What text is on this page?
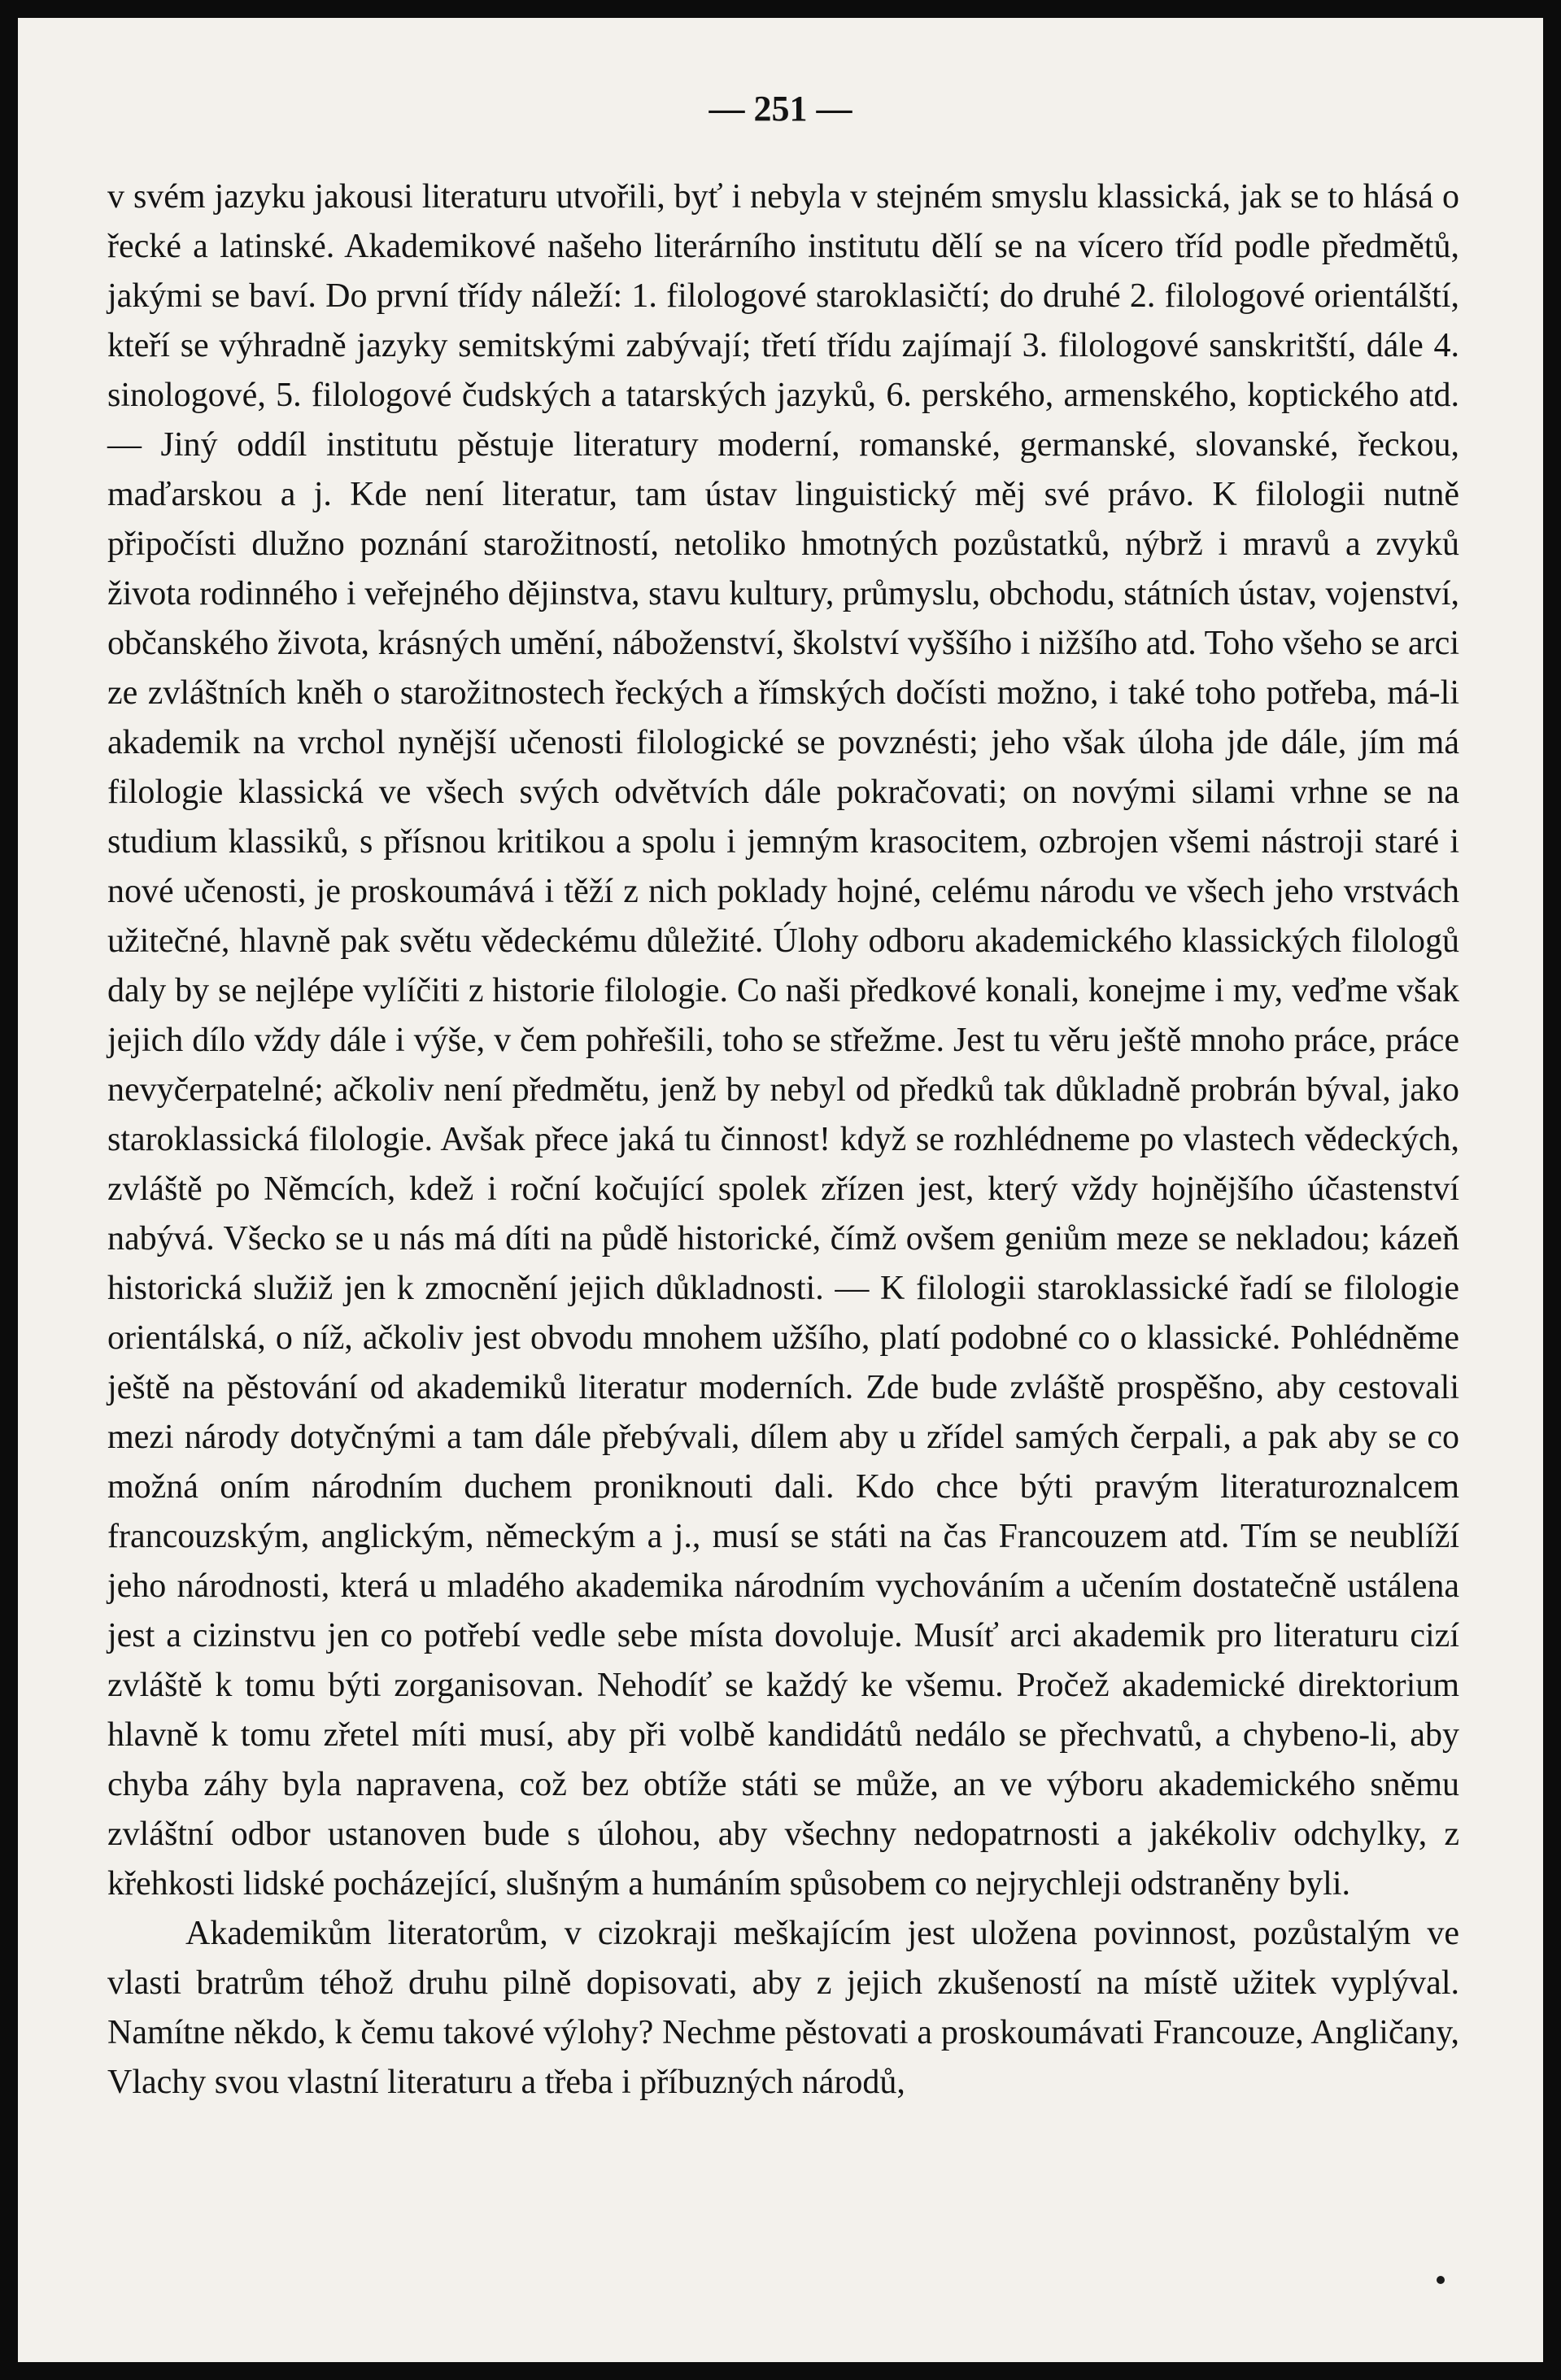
— 251 —

v svém jazyku jakousi literaturu utvořili, byť i nebyla v stejném smyslu klassická, jak se to hlásá o řecké a latinské. Akademikové našeho literárního institutu dělí se na vícero tříd podle předmětů, jakými se baví. Do první třídy náleží: 1. filologové staroklasičtí; do druhé 2. filologové orientálští, kteří se výhradně jazyky semitskými zabývají; třetí třídu zajímají 3. filologové sanskritští, dále 4. sinologové, 5. filologové čudských a tatarských jazyků, 6. perského, armenského, koptického atd. — Jiný oddíl institutu pěstuje literatury moderní, romanské, germanské, slovanské, řeckou, maďarskou a j. Kde není literatur, tam ústav linguistický měj své právo. K filologii nutně připočísti dlužno poznání starožitností, netoliko hmotných pozůstatků, nýbrž i mravů a zvyků života rodinného i veřejného dějinstva, stavu kultury, průmyslu, obchodu, státních ústav, vojenství, občanského života, krásných umění, náboženství, školství vyššího i nižšího atd. Toho všeho se arci ze zvláštních kněh o starožitnostech řeckých a římských dočísti možno, i také toho potřeba, má-li akademik na vrchol nynější učenosti filologické se povznésti; jeho však úloha jde dále, jím má filologie klassická ve všech svých odvětvích dále pokračovati; on novými silami vrhne se na studium klassiků, s přísnou kritikou a spolu i jemným krasocitem, ozbrojen všemi nástroji staré i nové učenosti, je proskoumává i těží z nich poklady hojné, celému národu ve všech jeho vrstvách užitečné, hlavně pak světu vědeckému důležité. Úlohy odboru akademického klassických filologů daly by se nejlépe vylíčiti z historie filologie. Co naši předkové konali, konejme i my, veďme však jejich dílo vždy dále i výše, v čem pohřešili, toho se střežme. Jest tu věru ještě mnoho práce, práce nevyčerpatelné; ačkoliv není předmětu, jenž by nebyl od předků tak důkladně probrán býval, jako staroklassická filologie. Avšak přece jaká tu činnost! když se rozhlédneme po vlastech vědeckých, zvláště po Němcích, kdež i roční kočující spolek zřízen jest, který vždy hojnějšího účastenství nabývá. Všecko se u nás má díti na půdě historické, čímž ovšem geniům meze se nekladou; kázeň historická služiž jen k zmocnění jejich důkladnosti. — K filologii staroklassické řadí se filologie orientálská, o níž, ačkoliv jest obvodu mnohem užšího, platí podobné co o klassické. Pohlédněme ještě na pěstování od akademiků literatur moderních. Zde bude zvláště prospěšno, aby cestovali mezi národy dotyčnými a tam dále přebývali, dílem aby u zřídel samých čerpali, a pak aby se co možná oním národním duchem proniknouti dali. Kdo chce býti pravým literaturoznalcem francouzským, anglickým, německým a j., musí se státi na čas Francouzem atd. Tím se neublíží jeho národnosti, která u mladého akademika národním vychováním a učením dostatečně ustálena jest a cizinstvu jen co potřebí vedle sebe místa dovoluje. Musíť arci akademik pro literaturu cizí zvláště k tomu býti zorganisovan. Nehodíť se každý ke všemu. Pročež akademické direktorium hlavně k tomu zřetel míti musí, aby při volbě kandidátů nedálo se přechvatů, a chybeno-li, aby chyba záhy byla napravena, což bez obtíže státi se může, an ve výboru akademického sněmu zvláštní odbor ustanoven bude s úlohou, aby všechny nedopatrnosti a jakékoliv odchylky, z křehkosti lidské pocházející, slušným a humáním spůsobem co nejrychleji odstraněny byli.

Akademikům literatorům, v cizokraji meškajícím jest uložena povinnost, pozůstalým ve vlasti bratrům téhož druhu pilně dopisovati, aby z jejich zkušeností na místě užitek vyplýval. Namítne někdo, k čemu takové výlohy? Nechme pěstovati a proskoumávati Francouze, Angličany, Vlachy svou vlastní literaturu a třeba i příbuzných národů,
